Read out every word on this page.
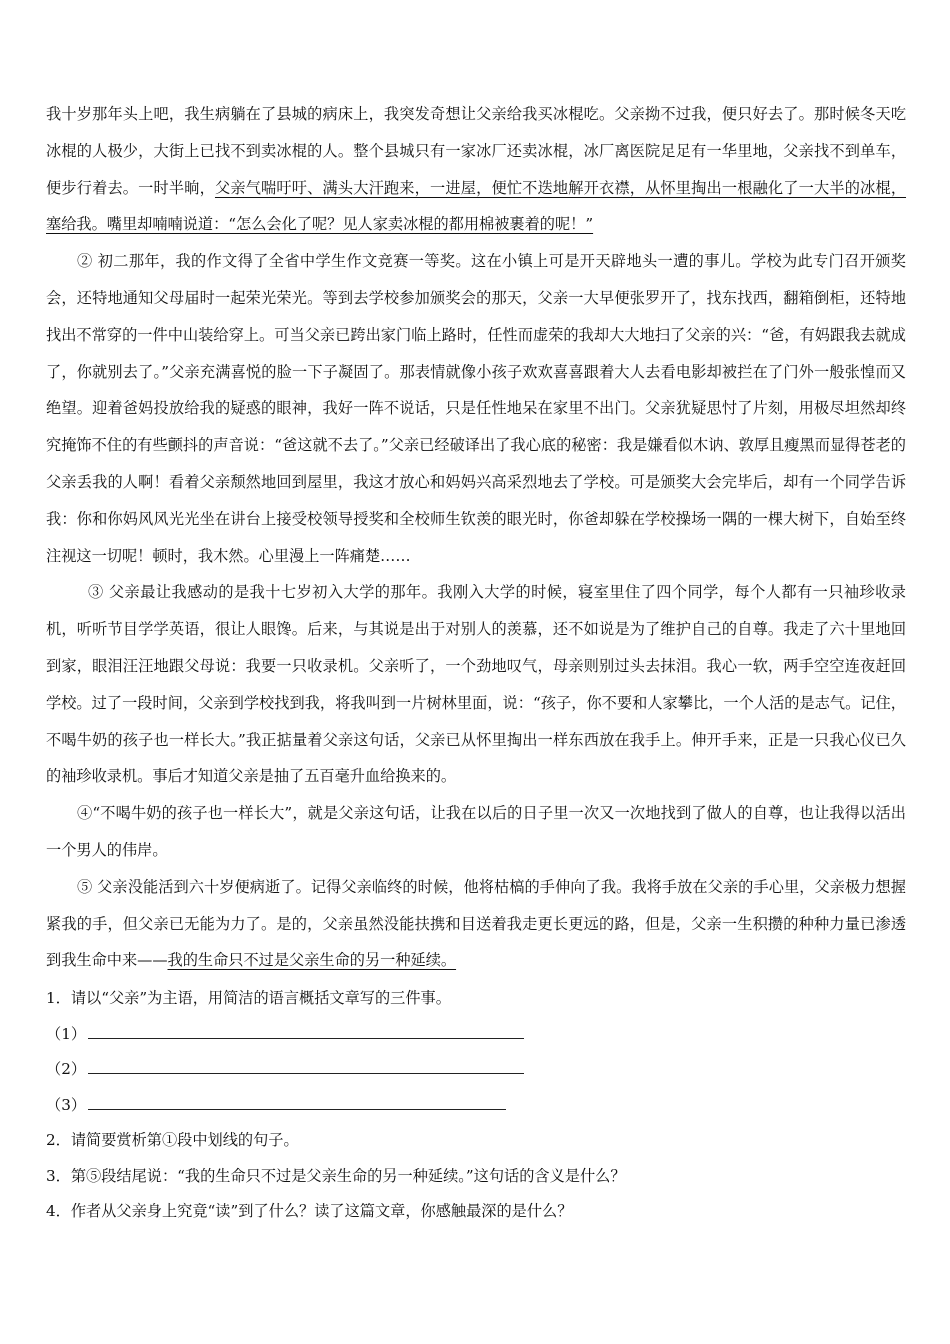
我十岁那年头上吧，我生病躺在了县城的病床上，我突发奇想让父亲给我买冰棍吃。父亲拗不过我，便只好去了。那时候冬天吃冰棍的人极少，大街上已找不到卖冰棍的人。整个县城只有一家冰厂还卖冰棍，冰厂离医院足足有一华里地，父亲找不到单车，便步行着去。一时半晌，父亲气喘吁吁、满头大汗跑来，一进屋，便忙不迭地解开衣襟，从怀里掏出一根融化了一大半的冰棍，塞给我。嘴里却喃喃说道：“怎么会化了呢？见人家卖冰棍的都用棉被裹着的呢！”

② 初二那年，我的作文得了全省中学生作文竞赛一等奖。这在小镇上可是开天辟地头一遭的事儿。学校为此专门召开颁奖会，还特地通知父母届时一起荣光荣光。等到去学校参加颁奖会的那天，父亲一大早便张罗开了，找东找西，翻箱倒柜，还特地找出不常穿的一件中山装给穿上。可当父亲已跨出家门临上路时，任性而虚荣的我却大大地扫了父亲的兴：“爸，有妈跟我去就成了，你就别去了。”父亲充满喜悦的脸一下子凝固了。那表情就像小孩子欢欢喜喜跟着大人去看电影却被拦在了门外一般张惶而又绝望。迎着爸妈投放给我的疑惑的眼神，我好一阵不说话，只是任性地呆在家里不出门。父亲犹疑思忖了片刻，用极尽坦然却终究掩饰不住的有些颤抖的声音说：“爸这就不去了。”父亲已经破译出了我心底的秘密：我是嫌看似木讷、敦厚且瘦黑而显得苍老的父亲丢我的人啊！看着父亲颓然地回到屋里，我这才放心和妈妈兴高采烈地去了学校。可是颁奖大会完毕后，却有一个同学告诉我：你和你妈风风光光坐在讲台上接受校领导授奖和全校师生钦羡的眼光时，你爸却躲在学校操场一隅的一棵大树下，自始至终注视这一切呢！顿时，我木然。心里漫上一阵痛楚……

③ 父亲最让我感动的是我十七岁初入大学的那年。我刚入大学的时候，寝室里住了四个同学，每个人都有一只袖珍收录机，听听节目学学英语，很让人眼馋。后来，与其说是出于对别人的羡慕，还不如说是为了维护自己的自尊。我走了六十里地回到家，眼泪汪汪地跟父母说：我要一只收录机。父亲听了，一个劲地叹气，母亲则别过头去抹泪。我心一软，两手空空连夜赶回学校。过了一段时间，父亲到学校找到我，将我叫到一片树林里面，说：“孩子，你不要和人家攀比，一个人活的是志气。记住，不喝牛奶的孩子也一样长大。”我正掂量着父亲这句话，父亲已从怀里掏出一样东西放在我手上。伸开手来，正是一只我心仪已久的袖珍收录机。事后才知道父亲是抽了五百毫升血给换来的。

④“不喝牛奶的孩子也一样长大”，就是父亲这句话，让我在以后的日子里一次又一次地找到了做人的自尊，也让我得以活出一个男人的伟岸。

⑤ 父亲没能活到六十岁便病逝了。记得父亲临终的时候，他将枯槁的手伸向了我。我将手放在父亲的手心里，父亲极力想握紧我的手，但父亲已无能为力了。是的，父亲虽然没能扶携和目送着我走更长更远的路，但是，父亲一生积攒的种种力量已渗透到我生命中来——我的生命只不过是父亲生命的另一种延续。

1．请以“父亲”为主语，用简洁的语言概括文章写的三件事。

（1）
（2）
（3）

2．请简要赏析第①段中划线的句子。

3．第⑤段结尾说：“我的生命只不过是父亲生命的另一种延续。”这句话的含义是什么？

4．作者从父亲身上究竟“读”到了什么？读了这篇文章，你感触最深的是什么？
